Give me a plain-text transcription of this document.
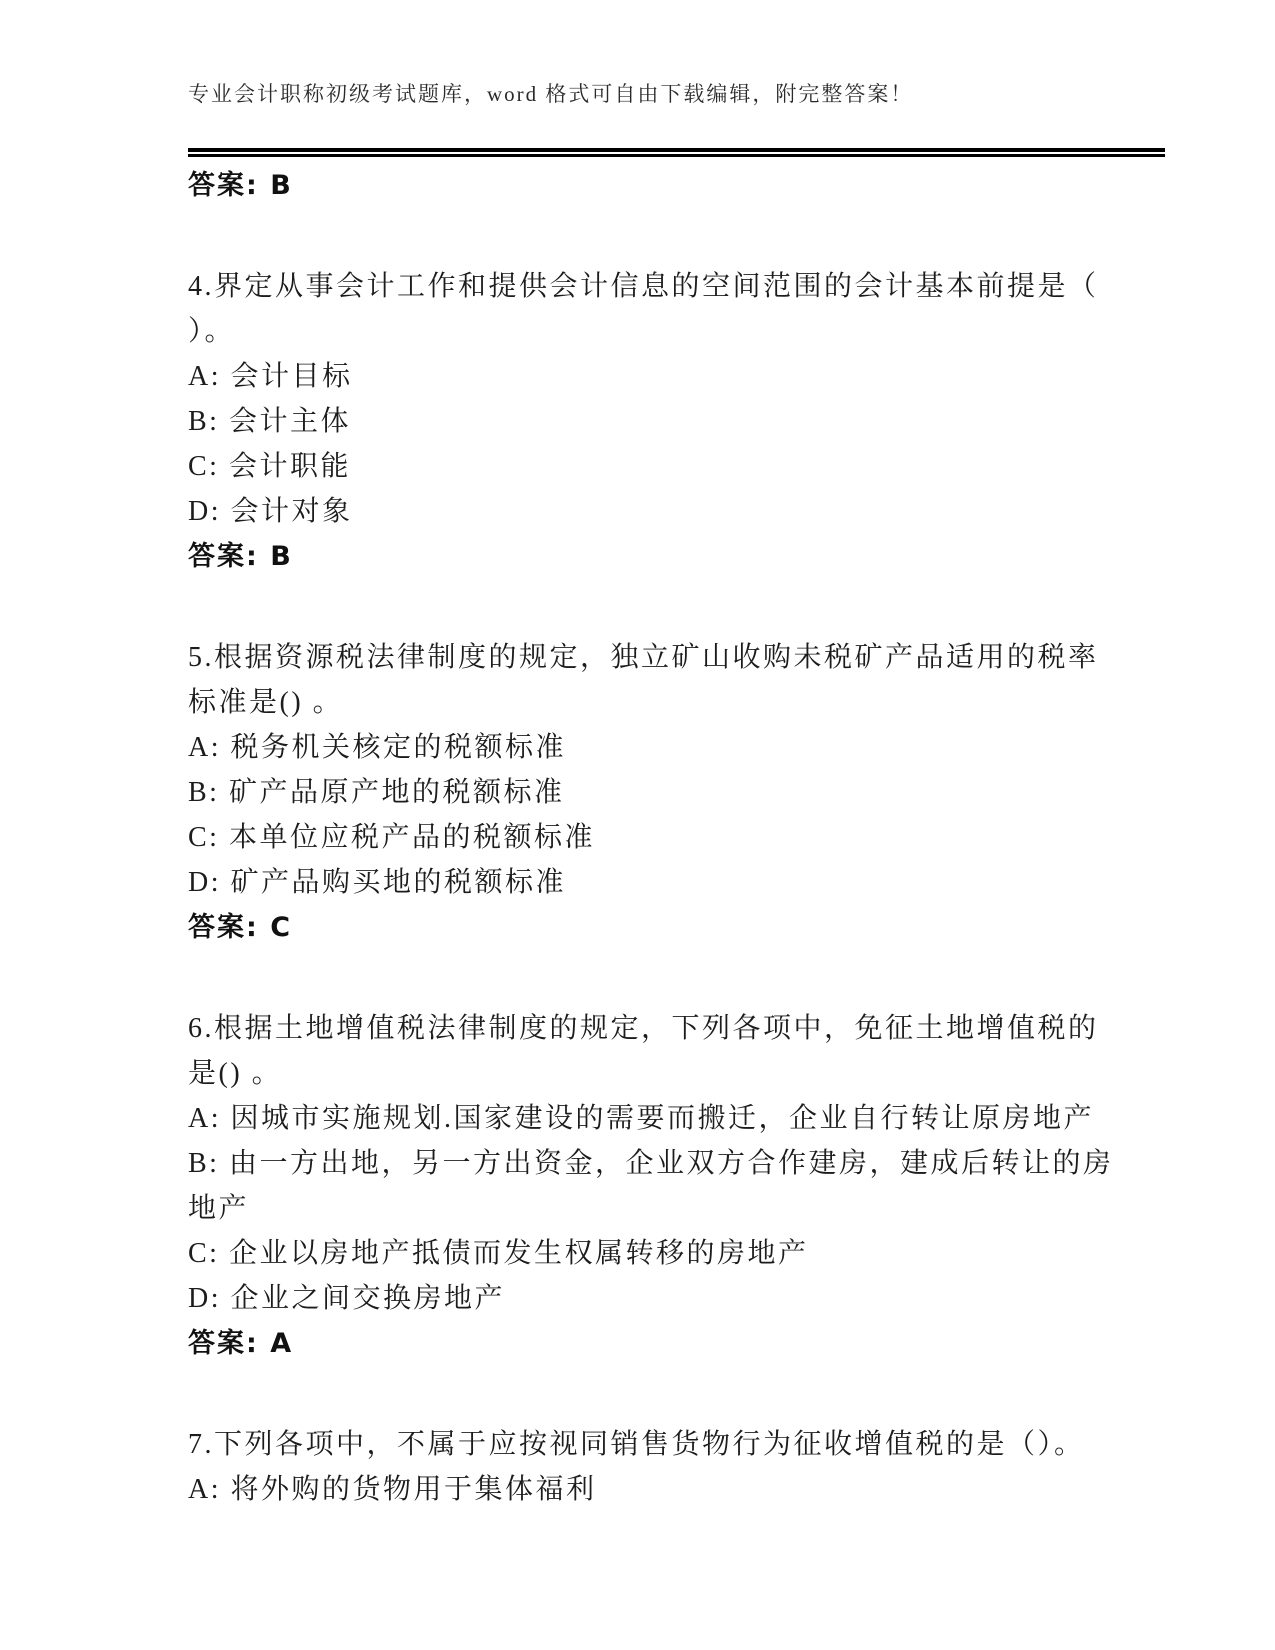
专业会计职称初级考试题库，word 格式可自由下载编辑，附完整答案！
答案: B
4.界定从事会计工作和提供会计信息的空间范围的会计基本前提是（
）。
A: 会计目标
B: 会计主体
C: 会计职能
D: 会计对象
答案: B
5.根据资源税法律制度的规定，独立矿山收购未税矿产品适用的税率
标准是() 。
A: 税务机关核定的税额标准
B: 矿产品原产地的税额标准
C: 本单位应税产品的税额标准
D: 矿产品购买地的税额标准
答案: C
6.根据土地增值税法律制度的规定，下列各项中，免征土地增值税的
是() 。
A: 因城市实施规划.国家建设的需要而搬迁，企业自行转让原房地产
B: 由一方出地，另一方出资金，企业双方合作建房，建成后转让的房
地产
C: 企业以房地产抵债而发生权属转移的房地产
D: 企业之间交换房地产
答案: A
7.下列各项中，不属于应按视同销售货物行为征收增值税的是（）。
A: 将外购的货物用于集体福利
